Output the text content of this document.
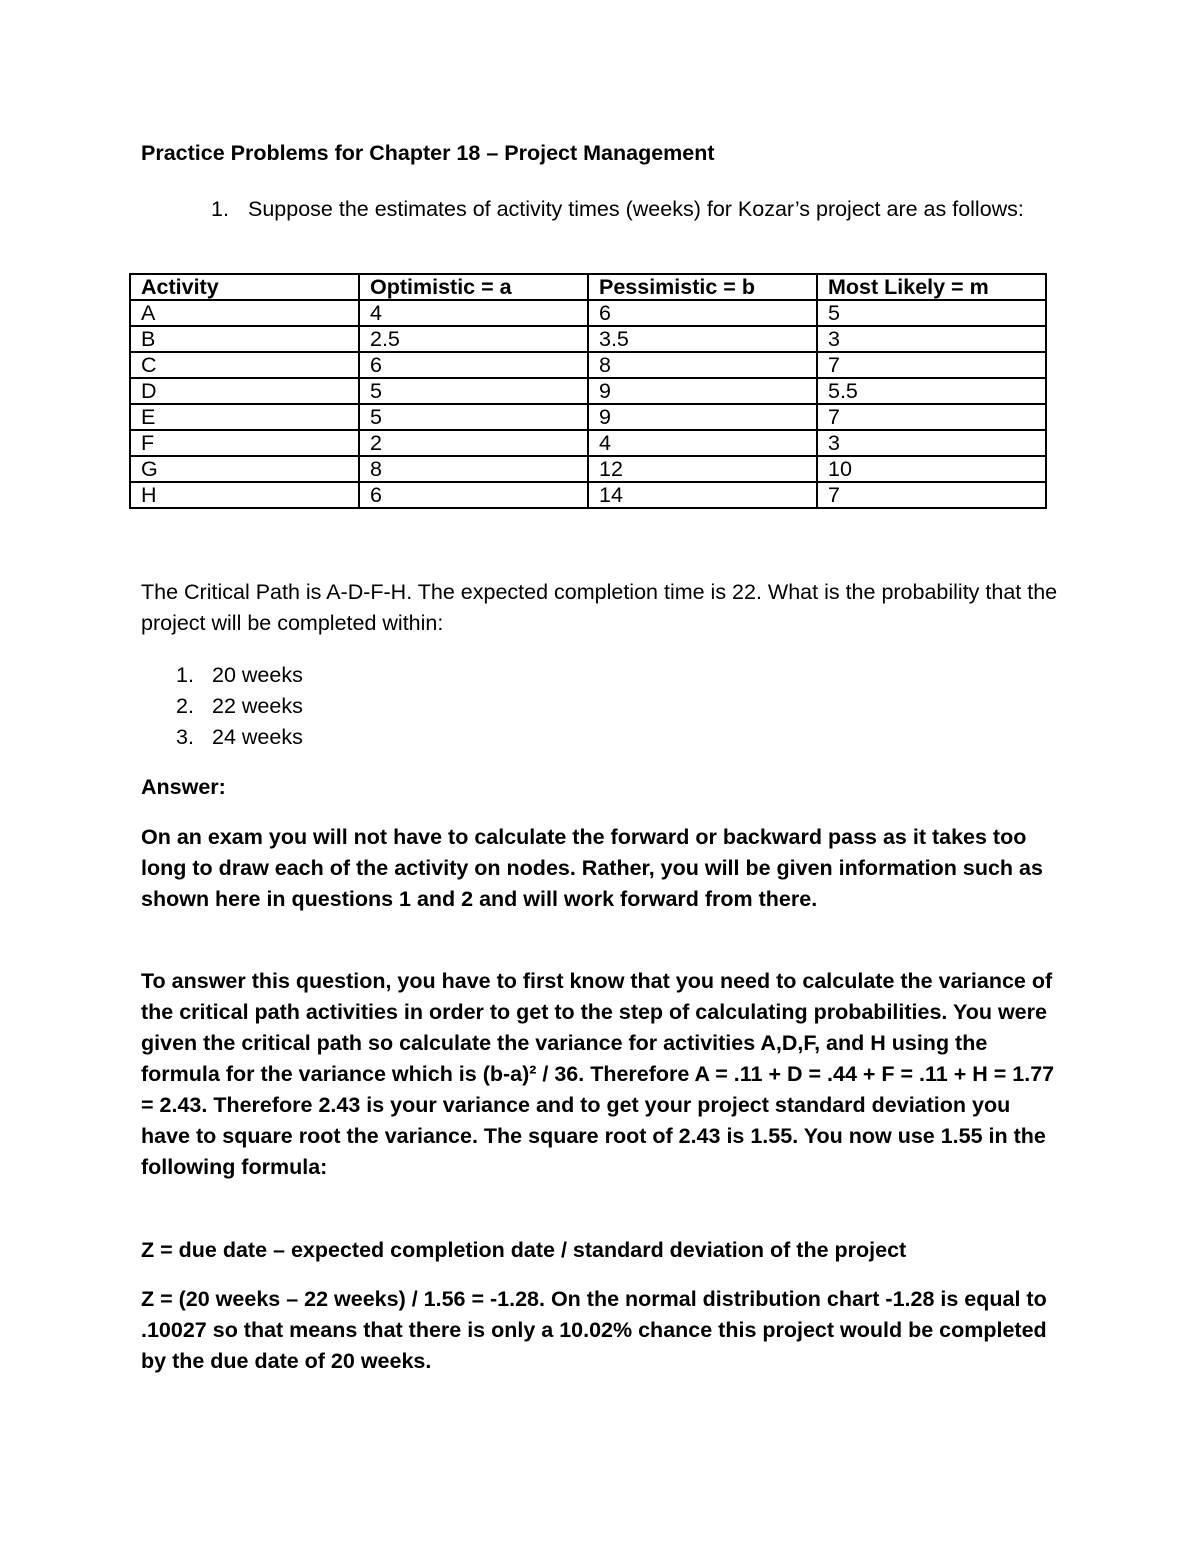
Practice Problems for Chapter 18 – Project Management
1. Suppose the estimates of activity times (weeks) for Kozar’s project are as follows:
Activity	Optimistic = a	Pessimistic = b	Most Likely = m
A	4	6	5
B	2.5	3.5	3
C	6	8	7
D	5	9	5.5
E	5	9	7
F	2	4	3
G	8	12	10
H	6	14	7
The Critical Path is A-D-F-H. The expected completion time is 22. What is the probability that the project will be completed within:
1. 20 weeks
2. 22 weeks
3. 24 weeks
Answer:
On an exam you will not have to calculate the forward or backward pass as it takes too long to draw each of the activity on nodes. Rather, you will be given information such as shown here in questions 1 and 2 and will work forward from there.
To answer this question, you have to first know that you need to calculate the variance of the critical path activities in order to get to the step of calculating probabilities. You were given the critical path so calculate the variance for activities A,D,F, and H using the formula for the variance which is (b-a)² / 36. Therefore A = .11 + D = .44 + F = .11 + H = 1.77 = 2.43. Therefore 2.43 is your variance and to get your project standard deviation you have to square root the variance. The square root of 2.43 is 1.55. You now use 1.55 in the following formula:
Z = due date – expected completion date / standard deviation of the project
Z = (20 weeks – 22 weeks) / 1.56 = -1.28. On the normal distribution chart -1.28 is equal to .10027 so that means that there is only a 10.02% chance this project would be completed by the due date of 20 weeks.
